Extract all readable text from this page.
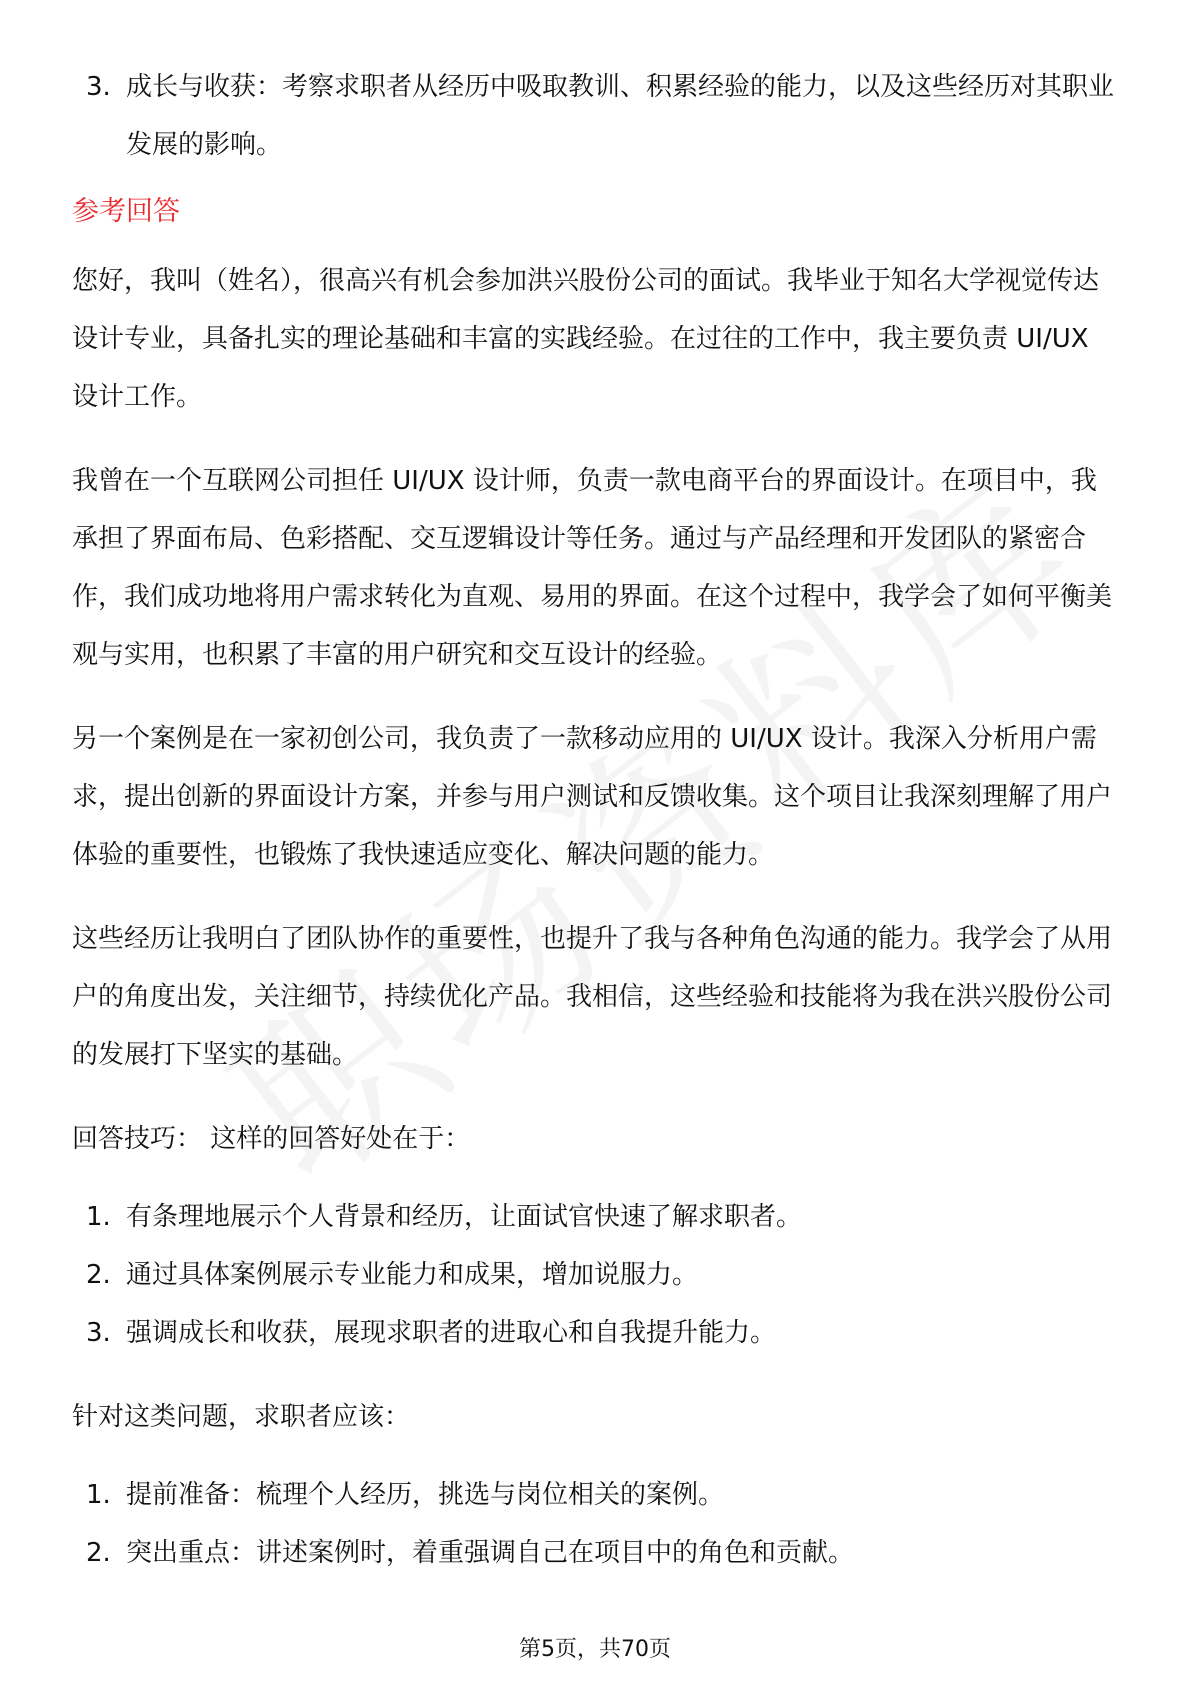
3. 成长与收获：考察求职者从经历中吸取教训、积累经验的能力，以及这些经历对其职业发展的影响。
参考回答

您好，我叫（姓名），很高兴有机会参加洪兴股份公司的面试。我毕业于知名大学视觉传达设计专业，具备扎实的理论基础和丰富的实践经验。在过往的工作中，我主要负责 UI/UX 设计工作。

我曾在一个互联网公司担任 UI/UX 设计师，负责一款电商平台的界面设计。在项目中，我承担了界面布局、色彩搭配、交互逻辑设计等任务。通过与产品经理和开发团队的紧密合作，我们成功地将用户需求转化为直观、易用的界面。在这个过程中，我学会了如何平衡美观与实用，也积累了丰富的用户研究和交互设计的经验。

另一个案例是在一家初创公司，我负责了一款移动应用的 UI/UX 设计。我深入分析用户需求，提出创新的界面设计方案，并参与用户测试和反馈收集。这个项目让我深刻理解了用户体验的重要性，也锻炼了我快速适应变化、解决问题的能力。

这些经历让我明白了团队协作的重要性，也提升了我与各种角色沟通的能力。我学会了从用户的角度出发，关注细节，持续优化产品。我相信，这些经验和技能将为我在洪兴股份公司的发展打下坚实的基础。

回答技巧： 这样的回答好处在于：

1. 有条理地展示个人背景和经历，让面试官快速了解求职者。
2. 通过具体案例展示专业能力和成果，增加说服力。
3. 强调成长和收获，展现求职者的进取心和自我提升能力。

针对这类问题，求职者应该：

1. 提前准备：梳理个人经历，挑选与岗位相关的案例。
2. 突出重点：讲述案例时，着重强调自己在项目中的角色和贡献。
第5页，共70页
